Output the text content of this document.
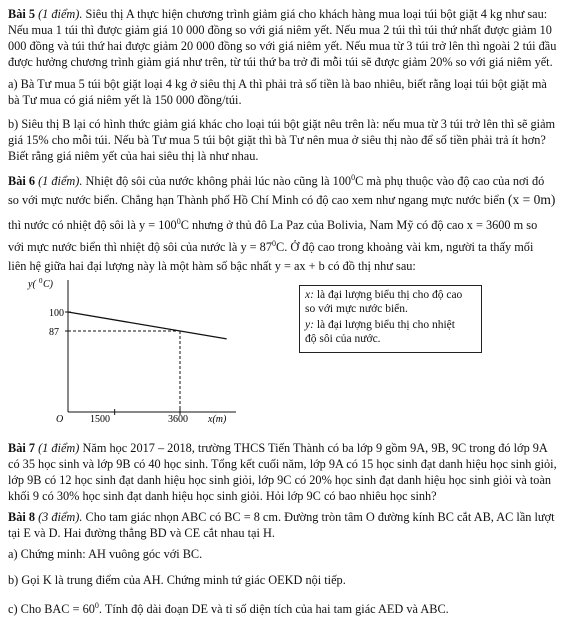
Bài 5 (1 điểm). Siêu thị A thực hiện chương trình giảm giá cho khách hàng mua loại túi bột giặt 4 kg như sau:
Nếu mua 1 túi thì được giảm giá 10 000 đồng so với giá niêm yết. Nếu mua 2 túi thì túi thứ nhất được giảm 10
000 đồng và túi thứ hai được giảm 20 000 đồng so với giá niêm yết. Nếu mua từ 3 túi trở lên thì ngoài 2 túi đầu
được hưởng chương trình giảm giá như trên, từ túi thứ ba trở đi mỗi túi sẽ được giảm 20% so với giá niêm yết.
a) Bà Tư mua 5 túi bột giặt loại 4 kg ở siêu thị A thì phải trả số tiền là bao nhiêu, biết rằng loại túi bột giặt mà
bà Tư mua có giá niêm yết là 150 000 đồng/túi.
b) Siêu thị B lại có hình thức giảm giá khác cho loại túi bột giặt nêu trên là: nếu mua từ 3 túi trở lên thì sẽ giảm
giá 15% cho mỗi túi. Nếu bà Tư mua 5 túi bột giặt thì bà Tư nên mua ở siêu thị nào để số tiền phải trả ít hơn?
Biết rằng giá niêm yết của hai siêu thị là như nhau.
Bài 6 (1 điểm). Nhiệt độ sôi của nước không phải lúc nào cũng là $100^0C$ mà phụ thuộc vào độ cao của nơi đó
so với mực nước biển. Chẳng hạn Thành phố Hồ Chí Minh có độ cao xem như ngang mực nước biển (x = 0m)
thì nước có nhiệt độ sôi là $y = 100^0C$ nhưng ở thủ đô La Paz của Bolivia, Nam Mỹ có độ cao x = 3600 m so
với mực nước biển thì nhiệt độ sôi của nước là $y = 87^0C$. Ở độ cao trong khoảng vài km, người ta thấy mối
liên hệ giữa hai đại lượng này là một hàm số bậc nhất y = ax + b có đồ thị như sau:
y( 0 C)
O
100
87
1500	3600 x(m)
x: là đại lượng biểu thị cho độ cao
so với mực nước biển.
y: là đại lượng biểu thị cho nhiệt
độ sôi của nước.
Bài 7 (1 điểm) Năm học 2017 – 2018, trường THCS Tiến Thành có ba lớp 9 gồm 9A, 9B, 9C trong đó lớp 9A
có 35 học sinh và lớp 9B có 40 học sinh. Tổng kết cuối năm, lớp 9A có 15 học sinh đạt danh hiệu học sinh giỏi,
lớp 9B có 12 học sinh đạt danh hiệu học sinh giỏi, lớp 9C có 20% học sinh đạt danh hiệu học sinh giỏi và toàn
khối 9 có 30% học sinh đạt danh hiệu học sinh giỏi. Hỏi lớp 9C có bao nhiêu học sinh?
Bài 8 (3 điểm). Cho tam giác nhọn ABC có BC = 8 cm. Đường tròn tâm O đường kính BC cắt AB, AC lần lượt
tại E và D. Hai đường thẳng BD và CE cắt nhau tại H.
a) Chứng minh: AH vuông góc với BC.
b) Gọi K là trung điểm của AH. Chứng minh tứ giác OEKD nội tiếp.
c) Cho BAC = $60^0$. Tính độ dài đoạn DE và tỉ số diện tích của hai tam giác AED và ABC.
